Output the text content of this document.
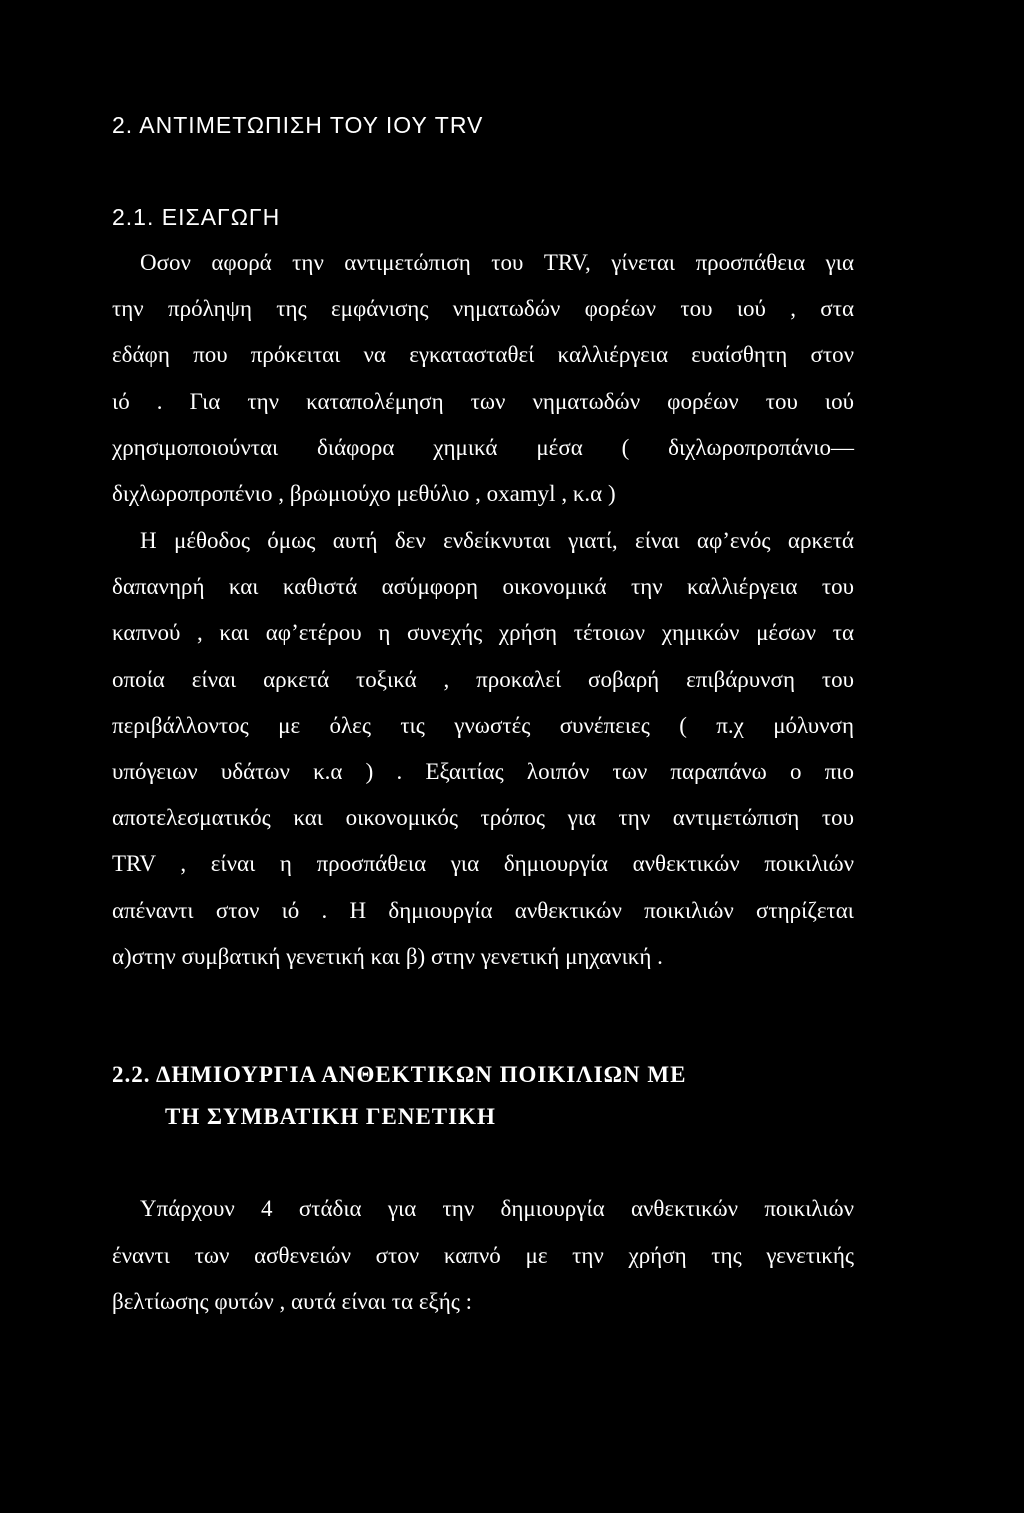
2. ΑΝΤΙΜΕΤΩΠΙΣΗ ΤΟΥ ΙΟΥ TRV
2.1. ΕΙΣΑΓΩΓΗ
Οσον αφορά την αντιμετώπιση του TRV, γίνεται προσπάθεια για
την πρόληψη της εμφάνισης νηματωδών φορέων του ιού , στα
εδάφη που πρόκειται να εγκατασταθεί καλλιέργεια ευαίσθητη στον
ιό . Για την καταπολέμηση των νηματωδών φορέων του ιού
χρησιμοποιούνται διάφορα χημικά μέσα ( διχλωροπροπάνιο—
διχλωροπροπένιο , βρωμιούχο μεθύλιο , oxamyl , κ.α )
Η μέθοδος όμως αυτή δεν ενδείκνυται γιατί, είναι αφ’ενός αρκετά
δαπανηρή και καθιστά ασύμφορη οικονομικά την καλλιέργεια του
καπνού , και αφ’ετέρου η συνεχής χρήση τέτοιων χημικών μέσων τα
οποία είναι αρκετά τοξικά , προκαλεί σοβαρή επιβάρυνση του
περιβάλλοντος με όλες τις γνωστές συνέπειες ( π.χ μόλυνση
υπόγειων υδάτων κ.α ) . Εξαιτίας λοιπόν των παραπάνω ο πιο
αποτελεσματικός και οικονομικός τρόπος για την αντιμετώπιση του
TRV , είναι η προσπάθεια για δημιουργία ανθεκτικών ποικιλιών
απέναντι στον ιό . Η δημιουργία ανθεκτικών ποικιλιών στηρίζεται
α)στην συμβατική γενετική και β) στην γενετική μηχανική .
2.2. ΔΗΜΙΟΥΡΓΙΑ ΑΝΘΕΚΤΙΚΩΝ ΠΟΙΚΙΛΙΩΝ ΜΕ
ΤΗ ΣΥΜΒΑΤΙΚΗ ΓΕΝΕΤΙΚΗ
Υπάρχουν 4 στάδια για την δημιουργία ανθεκτικών ποικιλιών
έναντι των ασθενειών στον καπνό με την χρήση της γενετικής
βελτίωσης φυτών , αυτά είναι τα εξής :
